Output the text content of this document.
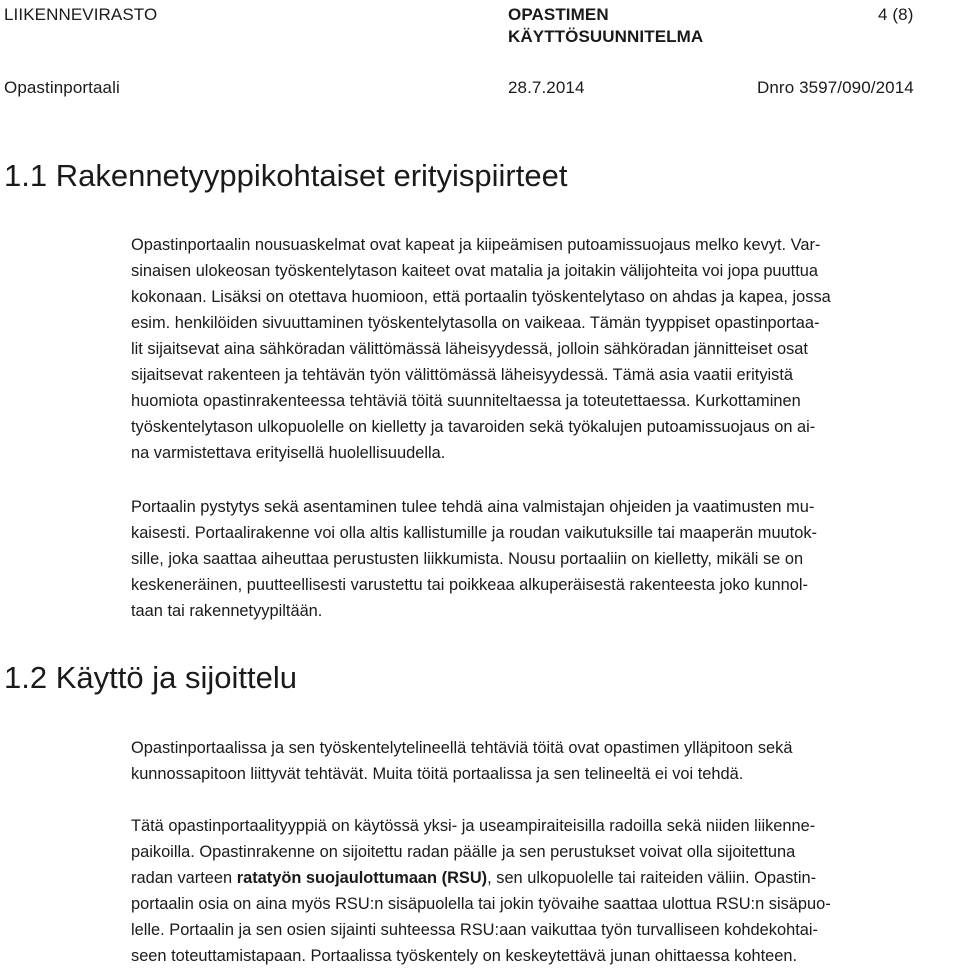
LIIKENNEVIRASTO	OPASTIMEN
KÄYTTÖSUUNNITELMA
4 (8)
Opastinportaali	28.7.2014	Dnro 3597/090/2014
1.1 Rakennetyyppikohtaiset erityispiirteet
Opastinportaalin nousuaskelmat ovat kapeat ja kiipeämisen putoamissuojaus melko kevyt. Var-
sinaisen ulokeosan työskentelytason kaiteet ovat matalia ja joitakin välijohteita voi jopa puuttua
kokonaan. Lisäksi on otettava huomioon, että portaalin työskentelytaso on ahdas ja kapea, jossa
esim. henkilöiden sivuuttaminen työskentelytasolla on vaikeaa. Tämän tyyppiset opastinportaa-
lit sijaitsevat aina sähköradan välittömässä läheisyydessä, jolloin sähköradan jännitteiset osat
sijaitsevat rakenteen ja tehtävän työn välittömässä läheisyydessä. Tämä asia vaatii erityistä
huomiota opastinrakenteessa tehtäviä töitä suunniteltaessa ja toteutettaessa. Kurkottaminen
työskentelytason ulkopuolelle on kielletty ja tavaroiden sekä työkalujen putoamissuojaus on ai-
na varmistettava erityisellä huolellisuudella.
Portaalin pystytys sekä asentaminen tulee tehdä aina valmistajan ohjeiden ja vaatimusten mu-
kaisesti. Portaalirakenne voi olla altis kallistumille ja roudan vaikutuksille tai maaperän muutok-
sille, joka saattaa aiheuttaa perustusten liikkumista. Nousu portaaliin on kielletty, mikäli se on
keskeneräinen, puutteellisesti varustettu tai poikkeaa alkuperäisestä rakenteesta joko kunnol-
taan tai rakennetyypiltään.
1.2 Käyttö ja sijoittelu
Opastinportaalissa ja sen työskentelytelineellä tehtäviä töitä ovat opastimen ylläpitoon sekä
kunnossapitoon liittyvät tehtävät. Muita töitä portaalissa ja sen telineeltä ei voi tehdä.
Tätä opastinportaalityyppiä on käytössä yksi- ja useampiraiteisilla radoilla sekä niiden liikenne-
paikoilla. Opastinrakenne on sijoitettu radan päälle ja sen perustukset voivat olla sijoitettuna
radan varteen ratatyön suojaulottumaan (RSU), sen ulkopuolelle tai raiteiden väliin. Opastin-
portaalin osia on aina myös RSU:n sisäpuolella tai jokin työvaihe saattaa ulottua RSU:n sisäpuo-
lelle. Portaalin ja sen osien sijainti suhteessa RSU:aan vaikuttaa työn turvalliseen kohdekohtai-
seen toteuttamistapaan. Portaalissa työskentely on keskeytettävä junan ohittaessa kohteen.
